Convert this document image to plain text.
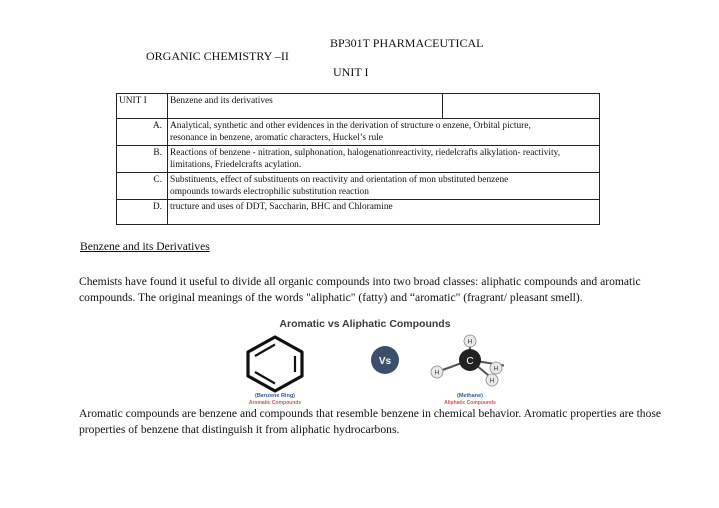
BP301T PHARMACEUTICAL
ORGANIC CHEMISTRY –II
UNIT I
UNIT I	Benzene and its derivatives	
A.	Analytical, synthetic and other evidences in the derivation of structure o enzene, Orbital picture,
resonance in benzene, aromatic characters, Huckel’s rule	

B.	Reactions of benzene - nitration, sulphonation, halogenationreactivity, riedelcrafts alkylation- reactivity,
limitations, Friedelcrafts acylation.	

C.	Substituents, effect of substituents on reactivity and orientation of mon ubstituted benzene
ompounds towards electrophilic substitution reaction	

D.	tructure and uses of DDT, Saccharin, BHC and Chloramine	
Benzene and its Derivatives
Chemists have found it useful to divide all organic compounds into two broad classes: aliphatic compounds and aromatic compounds. The original meanings of the words "aliphatic" (fatty) and “aromatic" (fragrant/ pleasant smell).
Aromatic vs Aliphatic Compounds
(Benzene Ring)
Aromatic Compounds
Vs	C
H
H
H
H
(Methane)
Aliphatic Compounds
Aromatic compounds are benzene and compounds that resemble benzene in chemical behavior. Aromatic properties are those properties of benzene that distinguish it from aliphatic hydrocarbons.
